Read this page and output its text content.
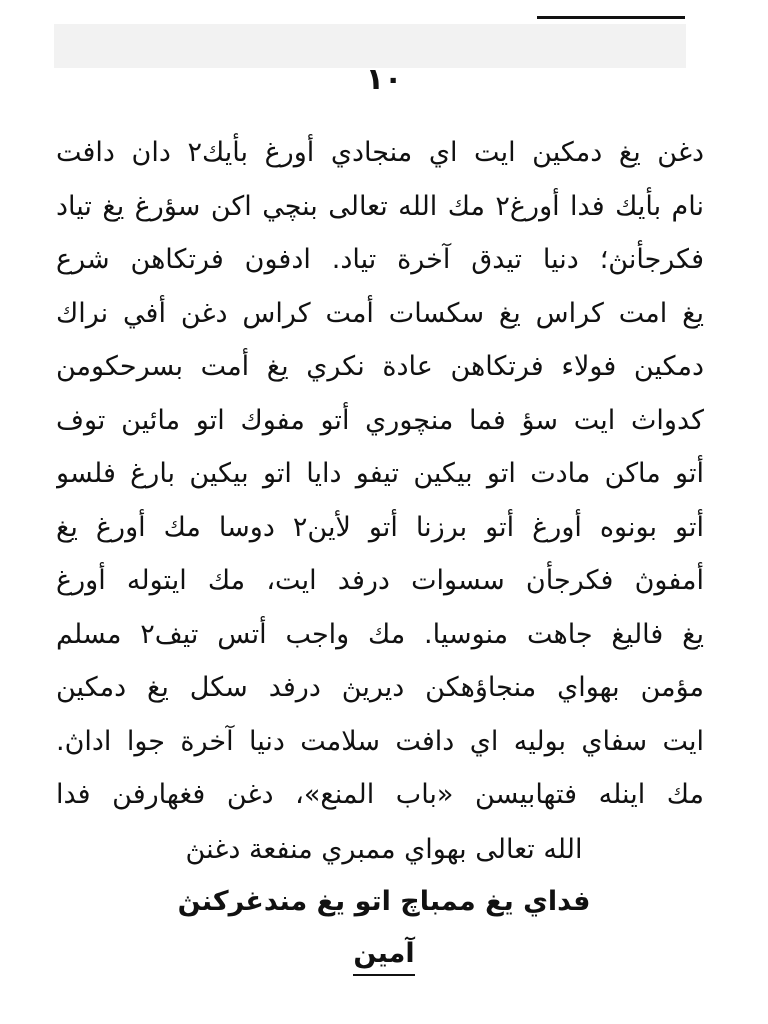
١٠
دغن يغ دمكين ايت اي منجادي أورغ بأيك٢ دان دافت
نام بأيك فدا أورغ٢ مك الله تعالى بنچي اكن سؤرغ يغ تياد
فكرجأنڽ؛ دنيا تيدق آخرة تياد. ادفون فرتكاهن شرع
يغ امت كراس يغ سكسات أمت كراس دغن أفي نراك
دمكين فولاء فرتكاهن عادة نكري يغ أمت بسرحكومن
كدواث ايت سؤ فما منچوري أتو مفوك اتو مائين توف
أتو ماكن مادت اتو بيكين تيفو دايا اتو بيكين بارغ فلسو
أتو بونوه أورغ أتو برزنا أتو لأين٢ دوسا مك أورغ يغ
أمفوڽ فكرجأن سسوات درفد ايت، مك ايتوله أورغ
يغ فاليغ جاهت منوسيا. مك واجب أتس تيف٢ مسلم
مؤمن بهواي منجاؤهكن ديريڽ درفد سكل يغ دمكين
ايت سفاي بوليه اي دافت سلامت دنيا آخرة جوا اداڽ.
مك اينله فتهابيسن «باب المنع»، دغن فغهارفن فدا
الله تعالى بهواي ممبري منفعة دغنڽ
فداي يغ ممباچ اتو يغ مندغركنڽ
آمين
